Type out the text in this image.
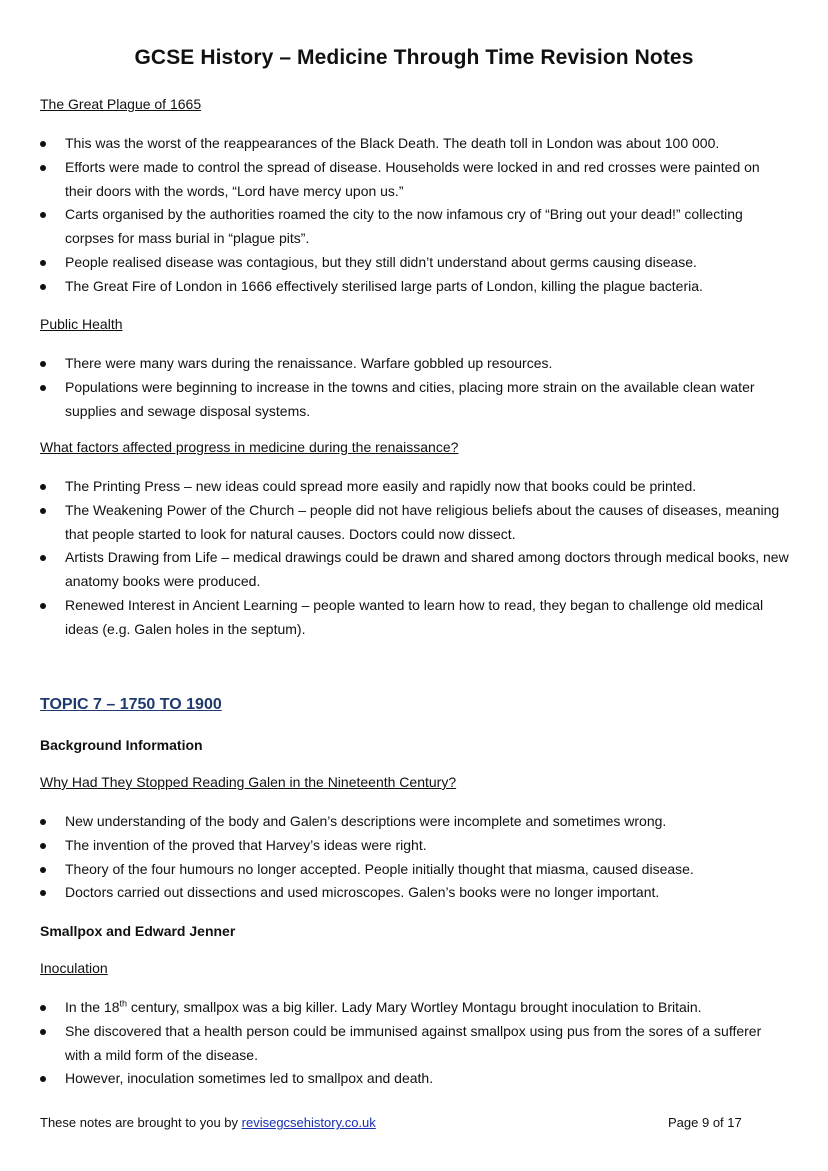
GCSE History – Medicine Through Time Revision Notes
The Great Plague of 1665
This was the worst of the reappearances of the Black Death. The death toll in London was about 100 000.
Efforts were made to control the spread of disease. Households were locked in and red crosses were painted on their doors with the words, “Lord have mercy upon us.”
Carts organised by the authorities roamed the city to the now infamous cry of “Bring out your dead!” collecting corpses for mass burial in “plague pits”.
People realised disease was contagious, but they still didn’t understand about germs causing disease.
The Great Fire of London in 1666 effectively sterilised large parts of London, killing the plague bacteria.
Public Health
There were many wars during the renaissance. Warfare gobbled up resources.
Populations were beginning to increase in the towns and cities, placing more strain on the available clean water supplies and sewage disposal systems.
What factors affected progress in medicine during the renaissance?
The Printing Press – new ideas could spread more easily and rapidly now that books could be printed.
The Weakening Power of the Church – people did not have religious beliefs about the causes of diseases, meaning that people started to look for natural causes. Doctors could now dissect.
Artists Drawing from Life – medical drawings could be drawn and shared among doctors through medical books, new anatomy books were produced.
Renewed Interest in Ancient Learning – people wanted to learn how to read, they began to challenge old medical ideas (e.g. Galen holes in the septum).
TOPIC 7 – 1750 TO 1900
Background Information
Why Had They Stopped Reading Galen in the Nineteenth Century?
New understanding of the body and Galen’s descriptions were incomplete and sometimes wrong.
The invention of the proved that Harvey’s ideas were right.
Theory of the four humours no longer accepted. People initially thought that miasma, caused disease.
Doctors carried out dissections and used microscopes. Galen’s books were no longer important.
Smallpox and Edward Jenner
Inoculation
In the 18th century, smallpox was a big killer. Lady Mary Wortley Montagu brought inoculation to Britain.
She discovered that a health person could be immunised against smallpox using pus from the sores of a sufferer with a mild form of the disease.
However, inoculation sometimes led to smallpox and death.
These notes are brought to you by revisegcsehistory.co.uk	Page 9 of 17
